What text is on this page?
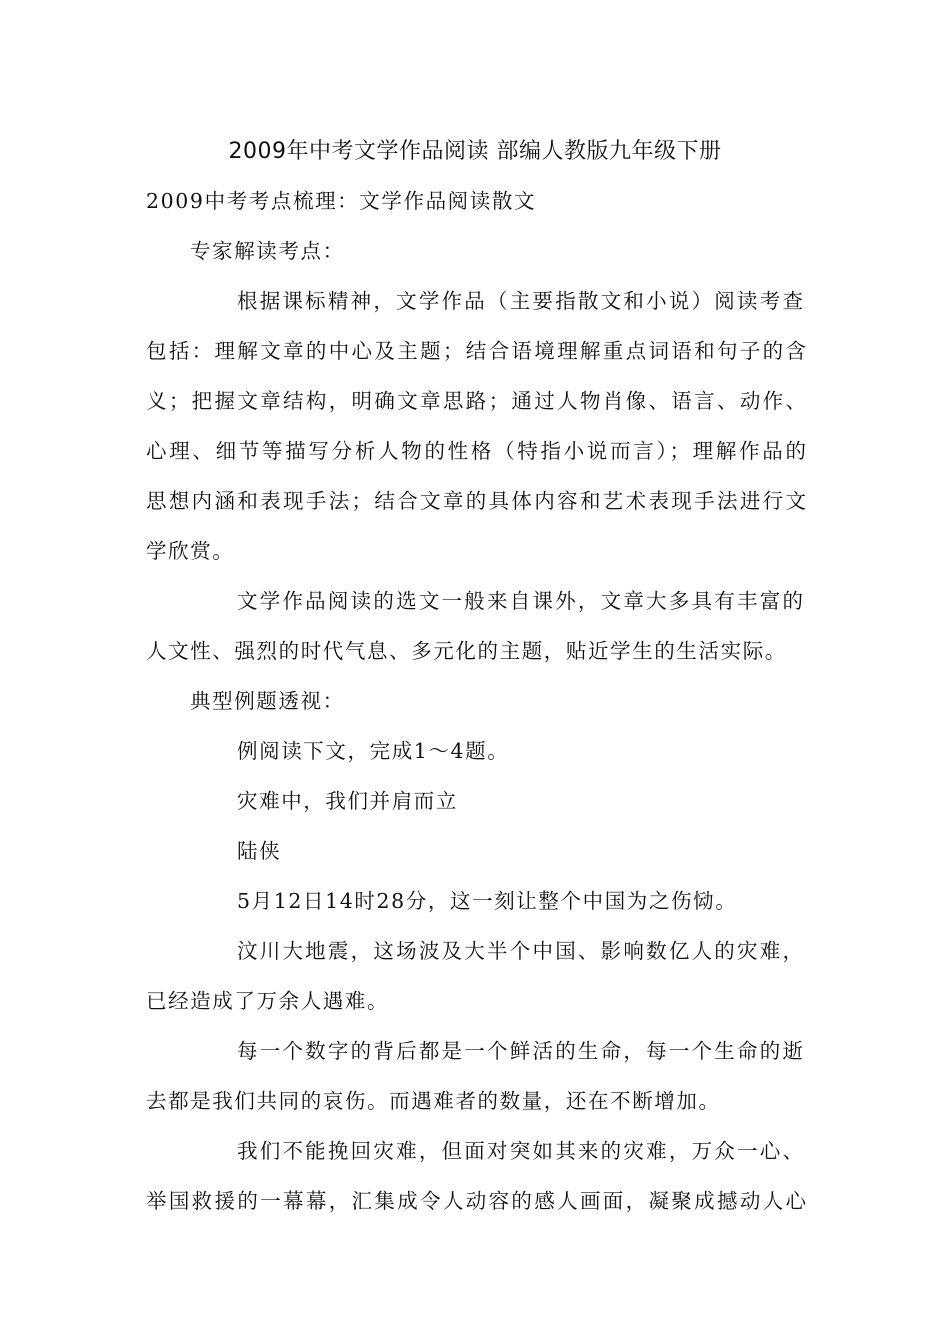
2009年中考文学作品阅读 部编人教版九年级下册
2009中考考点梳理：文学作品阅读散文
专家解读考点：
根据课标精神，文学作品（主要指散文和小说）阅读考查
包括：理解文章的中心及主题；结合语境理解重点词语和句子的含
义；把握文章结构，明确文章思路；通过人物肖像、语言、动作、
心理、细节等描写分析人物的性格（特指小说而言）；理解作品的
思想内涵和表现手法；结合文章的具体内容和艺术表现手法进行文
学欣赏。
文学作品阅读的选文一般来自课外，文章大多具有丰富的
人文性、强烈的时代气息、多元化的主题，贴近学生的生活实际。
典型例题透视：
例阅读下文，完成1～4题。
灾难中，我们并肩而立
陆侠
5月12日14时28分，这一刻让整个中国为之伤恸。
汶川大地震，这场波及大半个中国、影响数亿人的灾难，
已经造成了万余人遇难。
每一个数字的背后都是一个鲜活的生命，每一个生命的逝
去都是我们共同的哀伤。而遇难者的数量，还在不断增加。
我们不能挽回灾难，但面对突如其来的灾难，万众一心、
举国救援的一幕幕，汇集成令人动容的感人画面，凝聚成撼动人心
